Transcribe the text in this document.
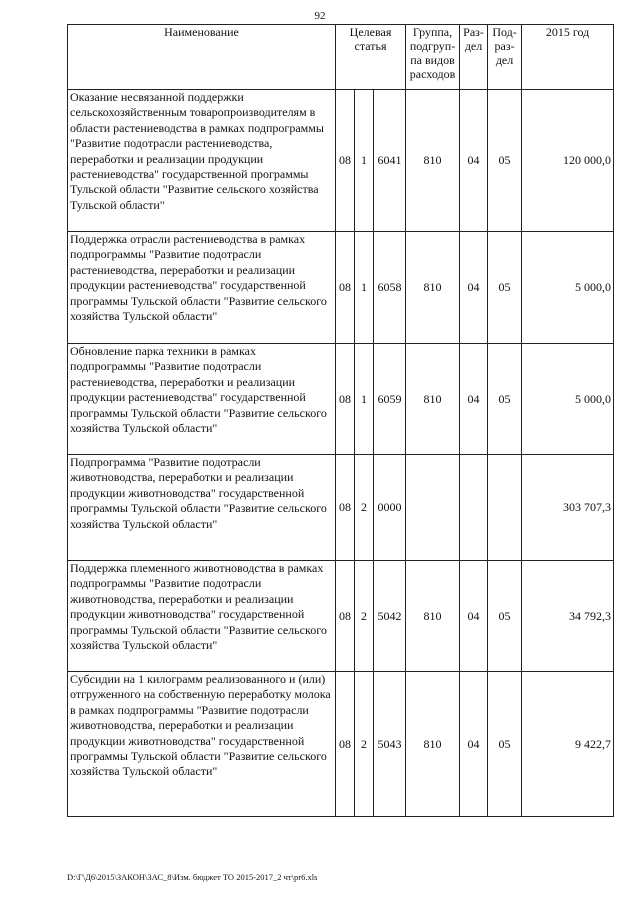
92
Наименование	Целевая статья			Группа, подгруп-па видов расходов	Раз-дел	Под-раз-дел	2015 год
Оказание несвязанной поддержки сельскохозяйственным товаропроизводителям в области растениеводства в рамках подпрограммы "Развитие подотрасли растениеводства, переработки и реализации продукции растениеводства" государственной программы Тульской области "Развитие сельского хозяйства Тульской области"	08	1	6041	810	04	05	120 000,0
Поддержка отрасли растениеводства в рамках подпрограммы "Развитие подотрасли растениеводства, переработки и реализации продукции растениеводства" государственной программы Тульской области "Развитие сельского хозяйства Тульской области"	08	1	6058	810	04	05	5 000,0
Обновление парка техники в рамках подпрограммы "Развитие подотрасли растениеводства, переработки и реализации продукции растениеводства" государственной программы Тульской области "Развитие сельского хозяйства Тульской области"	08	1	6059	810	04	05	5 000,0
Подпрограмма "Развитие подотрасли животноводства, переработки и реализации продукции животноводства" государственной программы Тульской области "Развитие сельского хозяйства Тульской области"	08	2	0000				303 707,3
Поддержка племенного животноводства в рамках подпрограммы "Развитие подотрасли животноводства, переработки и реализации продукции животноводства" государственной программы Тульской области "Развитие сельского хозяйства Тульской области"	08	2	5042	810	04	05	34 792,3
Субсидии на 1 килограмм реализованного и (или) отгруженного на собственную переработку молока в рамках подпрограммы "Развитие подотрасли животноводства, переработки и реализации продукции животноводства" государственной программы Тульской области "Развитие сельского хозяйства Тульской области"	08	2	5043	810	04	05	9 422,7
D:\Г\Д6\2015\ЗАКОН\ЗАС_8\Изм. бюджет ТО 2015-2017_2 чт\pr6.xls
